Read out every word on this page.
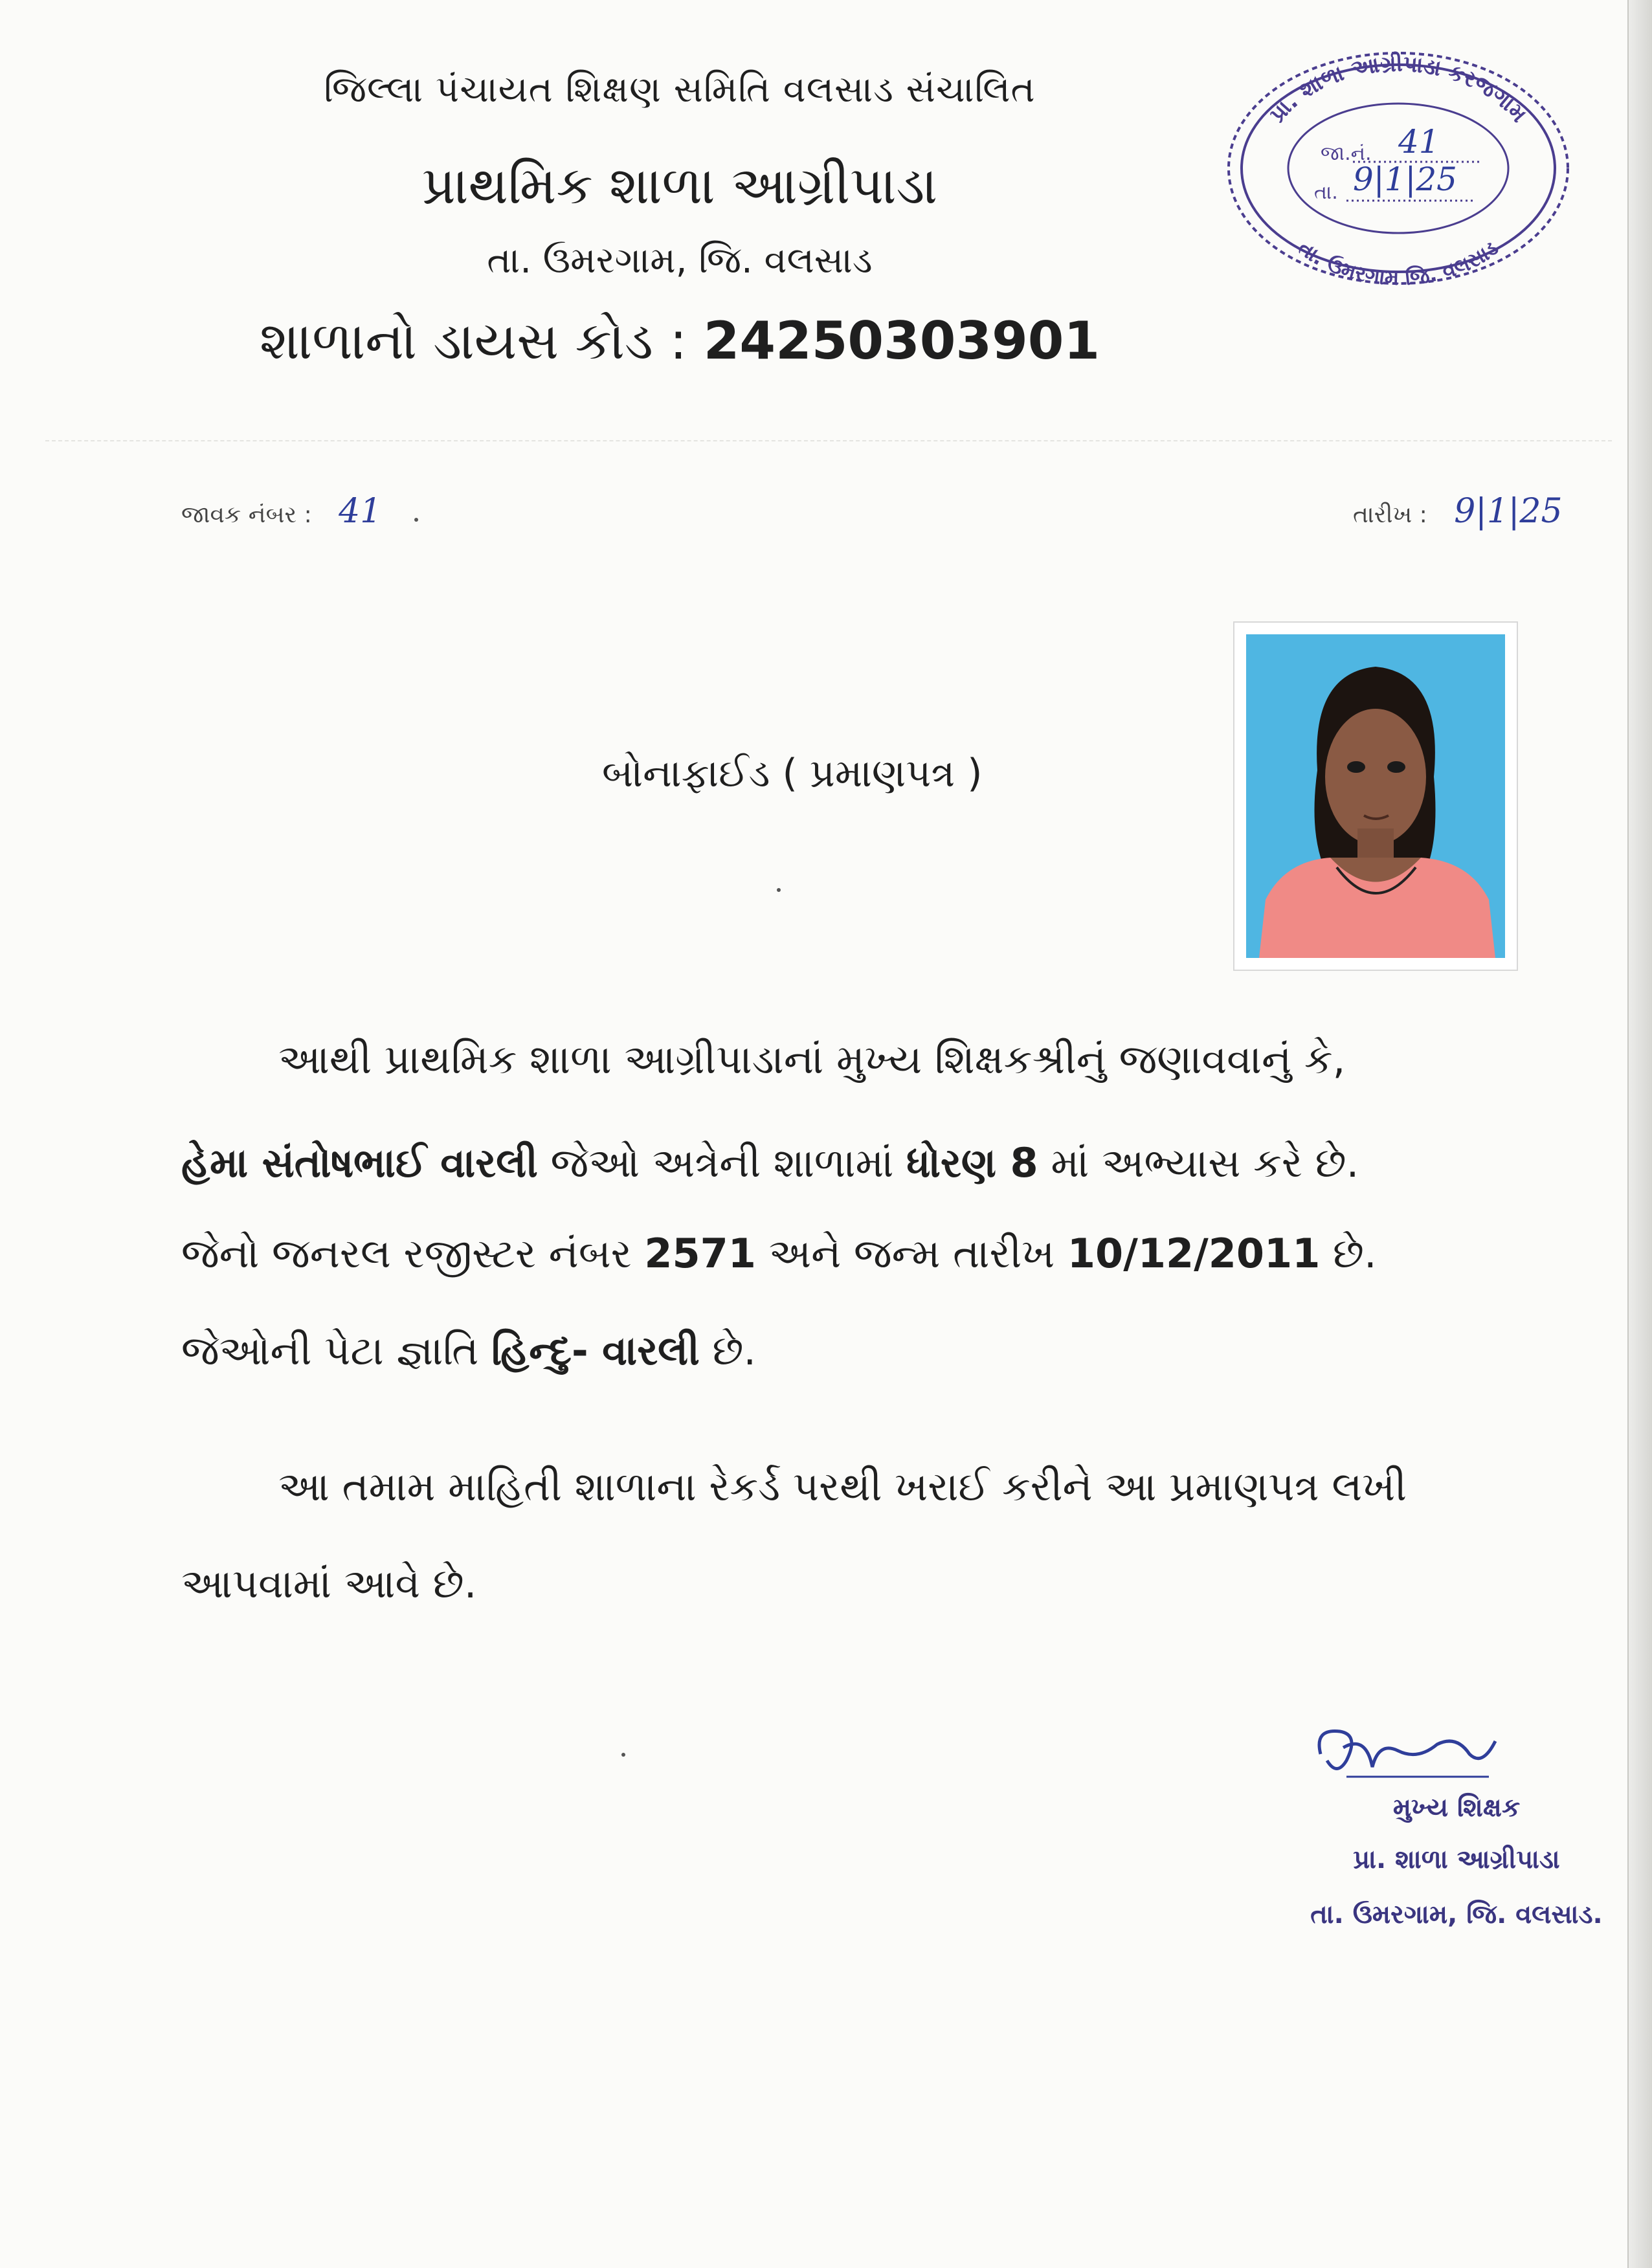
જિલ્લા પંચાયત શિક્ષણ સમિતિ વલસાડ સંચાલિત
પ્રાથમિક શાળા આગ્રીપાડા
તા. ઉમરગામ, જિ. વલસાડ
શાળાનો ડાયસ કોડ : 24250303901
પ્રા. શાળા આગ્રીપાડા કરજગામ
તા. ઉમરગામ જિ. વલસાડ
જા.નં. 41
તા. 9|1|25
જાવક નંબર : 41	તારીખ : 9|1|25
બોનાફાઈડ ( પ્રમાણપત્ર )
આથી પ્રાથમિક શાળા આગ્રીપાડાનાં મુખ્ય શિક્ષકશ્રીનું જણાવવાનું કે,
હેમા સંતોષભાઈ વારલી જેઓ અત્રેની શાળામાં ધોરણ 8 માં અભ્યાસ કરે છે.
જેનો જનરલ રજીસ્ટર નંબર 2571 અને જન્મ તારીખ 10/12/2011 છે.
જેઓની પેટા જ્ઞાતિ હિન્દુ- વારલી છે.
આ તમામ માહિતી શાળાના રેકર્ડ પરથી ખરાઈ કરીને આ પ્રમાણપત્ર લખી
આપવામાં આવે છે.
મુખ્ય શિક્ષક
પ્રા. શાળા આગ્રીપાડા
તા. ઉમરગામ, જિ. વલસાડ.
